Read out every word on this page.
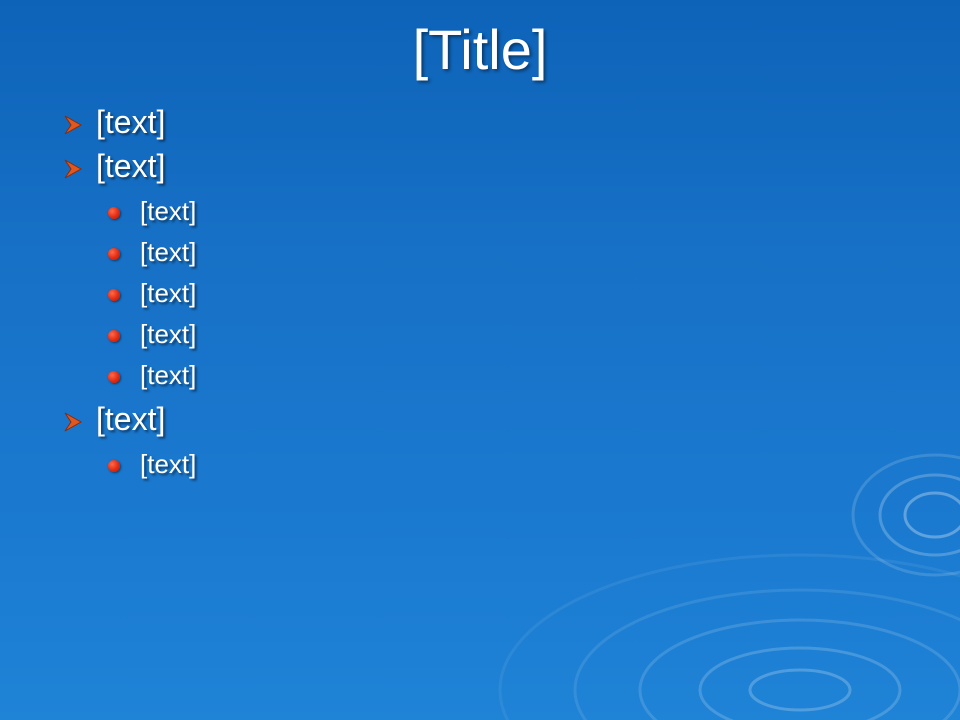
[Title]
[text]
[text]
[text]
[text]
[text]
[text]
[text]
[text]
[text]
